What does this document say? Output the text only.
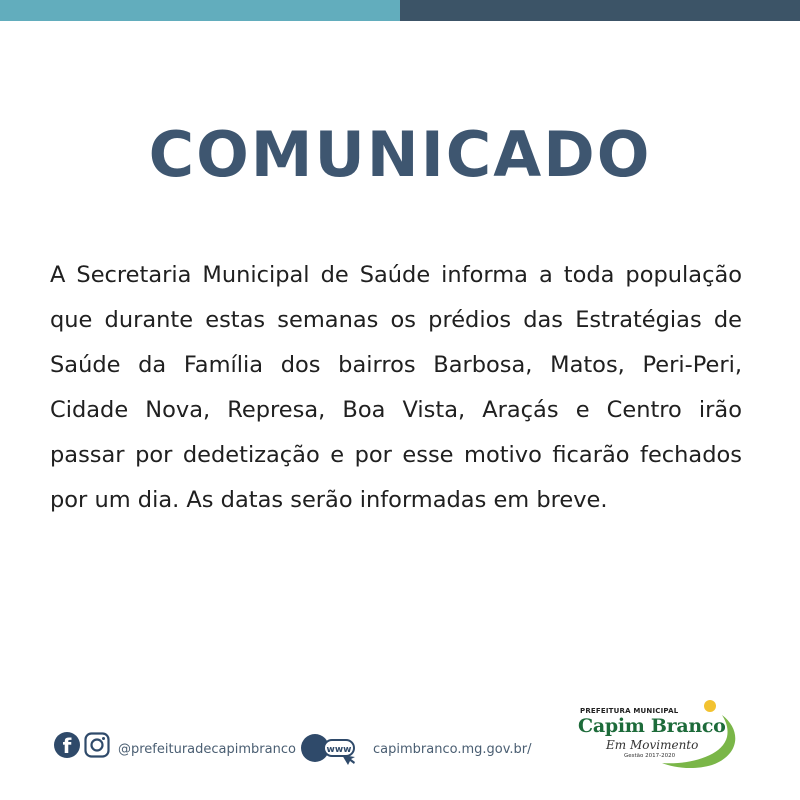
COMUNICADO
A Secretaria Municipal de Saúde informa a toda população que durante estas semanas os prédios das Estratégias de Saúde da Família dos bairros Barbosa, Matos, Peri-Peri, Cidade Nova, Represa, Boa Vista, Araçás e Centro irão passar por dedetização e por esse motivo ficarão fechados por um dia. As datas serão informadas em breve.
f	@prefeituradecapimbranco	www capimbranco.mg.gov.br/
PREFEITURA MUNICIPAL
Capim Branco
Em Movimento
Gestão 2017-2020
